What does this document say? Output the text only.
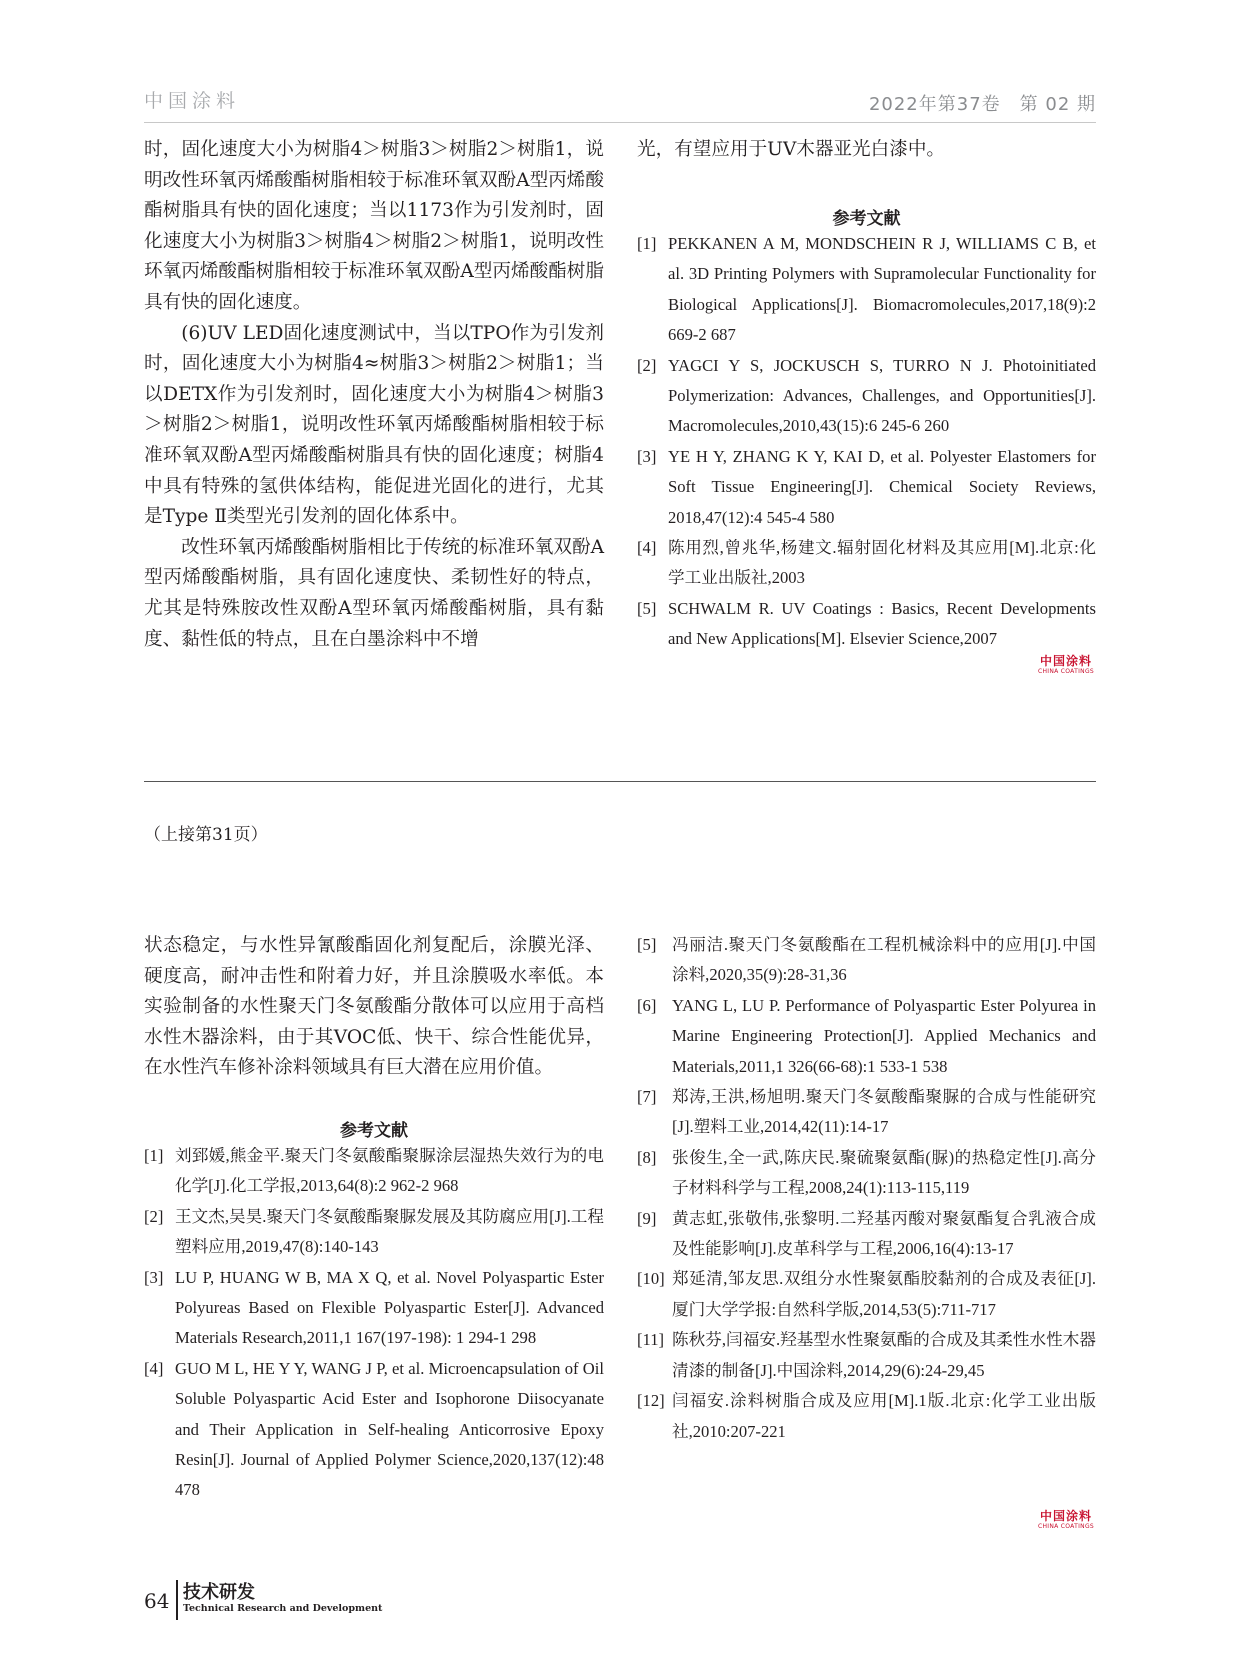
中国涂料	2022年第37卷　第 02 期

时，固化速度大小为树脂4＞树脂3＞树脂2＞树脂1，说明改性环氧丙烯酸酯树脂相较于标准环氧双酚A型丙烯酸酯树脂具有快的固化速度；当以1173作为引发剂时，固化速度大小为树脂3＞树脂4＞树脂2＞树脂1，说明改性环氧丙烯酸酯树脂相较于标准环氧双酚A型丙烯酸酯树脂具有快的固化速度。

(6)UV LED固化速度测试中，当以TPO作为引发剂时，固化速度大小为树脂4≈树脂3＞树脂2＞树脂1；当以DETX作为引发剂时，固化速度大小为树脂4＞树脂3＞树脂2＞树脂1，说明改性环氧丙烯酸酯树脂相较于标准环氧双酚A型丙烯酸酯树脂具有快的固化速度；树脂4中具有特殊的氢供体结构，能促进光固化的进行，尤其是Type Ⅱ类型光引发剂的固化体系中。

改性环氧丙烯酸酯树脂相比于传统的标准环氧双酚A型丙烯酸酯树脂，具有固化速度快、柔韧性好的特点，尤其是特殊胺改性双酚A型环氧丙烯酸酯树脂，具有黏度、黏性低的特点，且在白墨涂料中不增

光，有望应用于UV木器亚光白漆中。

参考文献
[1] PEKKANEN A M, MONDSCHEIN R J, WILLIAMS C B, et al. 3D Printing Polymers with Supramolecular Functionality for Biological Applications[J]. Biomacromolecules,2017,18(9):2 669-2 687
[2] YAGCI Y S, JOCKUSCH S, TURRO N J. Photoinitiated Polymerization: Advances, Challenges, and Opportunities[J]. Macromolecules,2010,43(15):6 245-6 260
[3] YE H Y, ZHANG K Y, KAI D, et al. Polyester Elastomers for Soft Tissue Engineering[J]. Chemical Society Reviews, 2018,47(12):4 545-4 580
[4] 陈用烈,曾兆华,杨建文.辐射固化材料及其应用[M].北京:化学工业出版社,2003
[5] SCHWALM R. UV Coatings : Basics, Recent Developments and New Applications[M]. Elsevier Science,2007
中国涂料
CHINA COATINGS
（上接第31页）

状态稳定，与水性异氰酸酯固化剂复配后，涂膜光泽、硬度高，耐冲击性和附着力好，并且涂膜吸水率低。本实验制备的水性聚天门冬氨酸酯分散体可以应用于高档水性木器涂料，由于其VOC低、快干、综合性能优异，在水性汽车修补涂料领域具有巨大潜在应用价值。

参考文献
[1] 刘郅媛,熊金平.聚天门冬氨酸酯聚脲涂层湿热失效行为的电化学[J].化工学报,2013,64(8):2 962-2 968
[2] 王文杰,吴昊.聚天门冬氨酸酯聚脲发展及其防腐应用[J].工程塑料应用,2019,47(8):140-143
[3] LU P, HUANG W B, MA X Q, et al. Novel Polyaspartic Ester Polyureas Based on Flexible Polyaspartic Ester[J]. Advanced Materials Research,2011,1 167(197-198): 1 294-1 298
[4] GUO M L, HE Y Y, WANG J P, et al. Microencapsulation of Oil Soluble Polyaspartic Acid Ester and Isophorone Diisocyanate and Their Application in Self-healing Anticorrosive Epoxy Resin[J]. Journal of Applied Polymer Science,2020,137(12):48 478
[5] 冯丽洁.聚天门冬氨酸酯在工程机械涂料中的应用[J].中国涂料,2020,35(9):28-31,36
[6] YANG L, LU P. Performance of Polyaspartic Ester Polyurea in Marine Engineering Protection[J]. Applied Mechanics and Materials,2011,1 326(66-68):1 533-1 538
[7] 郑涛,王洪,杨旭明.聚天门冬氨酸酯聚脲的合成与性能研究[J].塑料工业,2014,42(11):14-17
[8] 张俊生,全一武,陈庆民.聚硫聚氨酯(脲)的热稳定性[J].高分子材料科学与工程,2008,24(1):113-115,119
[9] 黄志虹,张敬伟,张黎明.二羟基丙酸对聚氨酯复合乳液合成及性能影响[J].皮革科学与工程,2006,16(4):13-17
[10] 郑延清,邹友思.双组分水性聚氨酯胶黏剂的合成及表征[J].厦门大学学报:自然科学版,2014,53(5):711-717
[11] 陈秋芬,闫福安.羟基型水性聚氨酯的合成及其柔性水性木器清漆的制备[J].中国涂料,2014,29(6):24-29,45
[12] 闫福安.涂料树脂合成及应用[M].1版.北京:化学工业出版社,2010:207-221
中国涂料
CHINA COATINGS
64 技术研发
Technical Research and Development
